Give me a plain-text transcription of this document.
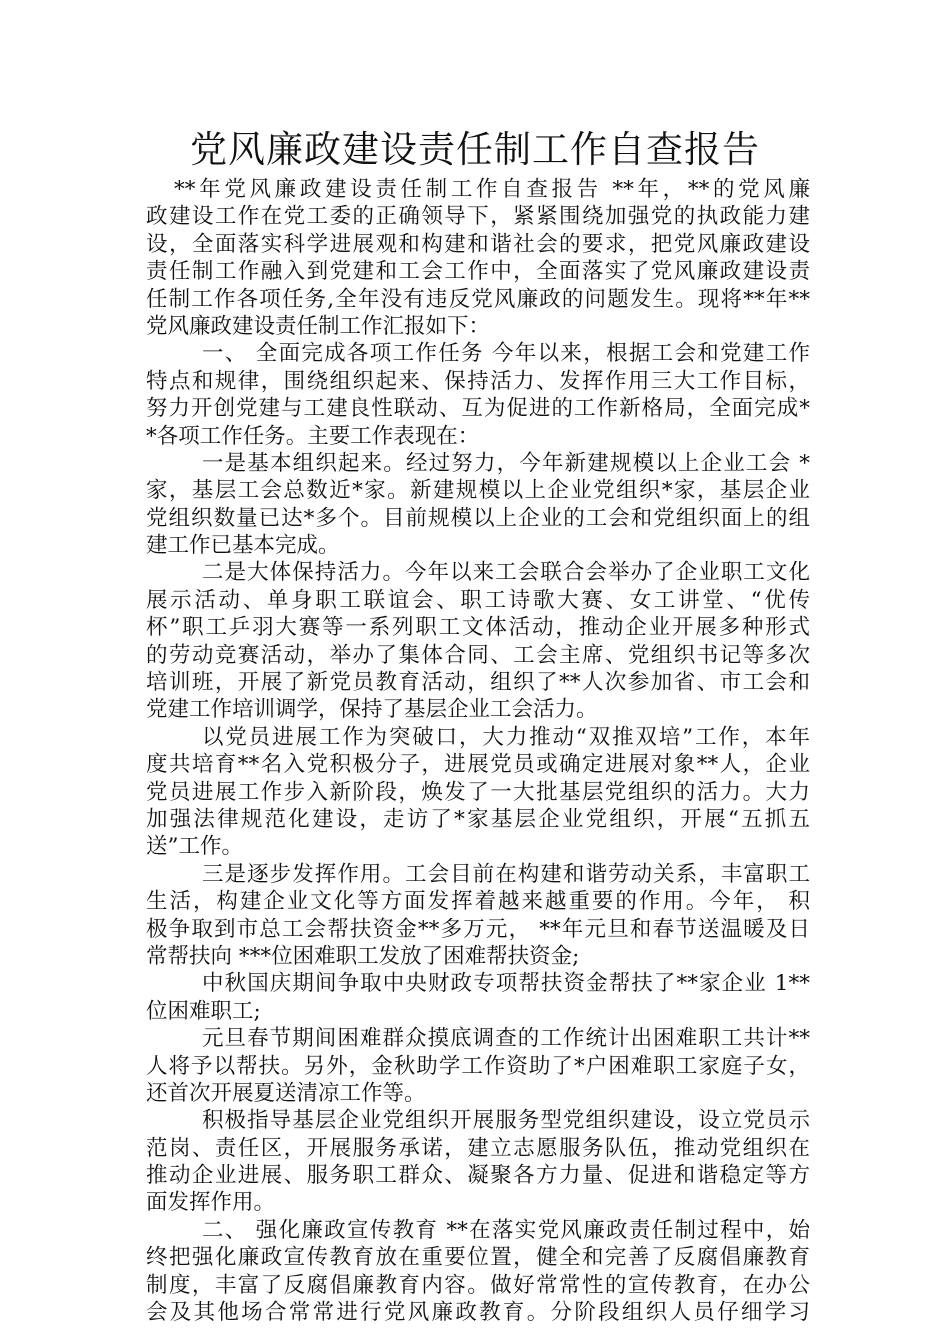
党风廉政建设责任制工作自查报告
**年党风廉政建设责任制工作自查报告 **年，**的党风廉
政建设工作在党工委的正确领导下，紧紧围绕加强党的执政能力建
设，全面落实科学进展观和构建和谐社会的要求，把党风廉政建设
责任制工作融入到党建和工会工作中，全面落实了党风廉政建设责
任制工作各项任务,全年没有违反党风廉政的问题发生。现将**年**
党风廉政建设责任制工作汇报如下：
一、 全面完成各项工作任务 今年以来，根据工会和党建工作
特点和规律，围绕组织起来、保持活力、发挥作用三大工作目标，
努力开创党建与工建良性联动、互为促进的工作新格局，全面完成*
*各项工作任务。主要工作表现在：
一是基本组织起来。经过努力，今年新建规模以上企业工会 *
家，基层工会总数近*家。新建规模以上企业党组织*家，基层企业
党组织数量已达*多个。目前规模以上企业的工会和党组织面上的组
建工作已基本完成。
二是大体保持活力。今年以来工会联合会举办了企业职工文化
展示活动、单身职工联谊会、职工诗歌大赛、女工讲堂、“优传
杯”职工乒羽大赛等一系列职工文体活动，推动企业开展多种形式
的劳动竞赛活动，举办了集体合同、工会主席、党组织书记等多次
培训班，开展了新党员教育活动，组织了**人次参加省、市工会和
党建工作培训调学，保持了基层企业工会活力。
以党员进展工作为突破口，大力推动“双推双培”工作，本年
度共培育**名入党积极分子，进展党员或确定进展对象**人，企业
党员进展工作步入新阶段，焕发了一大批基层党组织的活力。大力
加强法律规范化建设，走访了*家基层企业党组织，开展“五抓五
送”工作。
三是逐步发挥作用。工会目前在构建和谐劳动关系，丰富职工
生活，构建企业文化等方面发挥着越来越重要的作用。今年， 积
极争取到市总工会帮扶资金**多万元， **年元旦和春节送温暖及日
常帮扶向 ***位困难职工发放了困难帮扶资金;
中秋国庆期间争取中央财政专项帮扶资金帮扶了**家企业 1**
位困难职工;
元旦春节期间困难群众摸底调查的工作统计出困难职工共计**
人将予以帮扶。另外，金秋助学工作资助了*户困难职工家庭子女，
还首次开展夏送清凉工作等。
积极指导基层企业党组织开展服务型党组织建设，设立党员示
范岗、责任区，开展服务承诺，建立志愿服务队伍，推动党组织在
推动企业进展、服务职工群众、凝聚各方力量、促进和谐稳定等方
面发挥作用。
二、 强化廉政宣传教育 **在落实党风廉政责任制过程中，始
终把强化廉政宣传教育放在重要位置，健全和完善了反腐倡廉教育
制度，丰富了反腐倡廉教育内容。做好常常性的宣传教育，在办公
会及其他场合常常进行党风廉政教育。分阶段组织人员仔细学习
